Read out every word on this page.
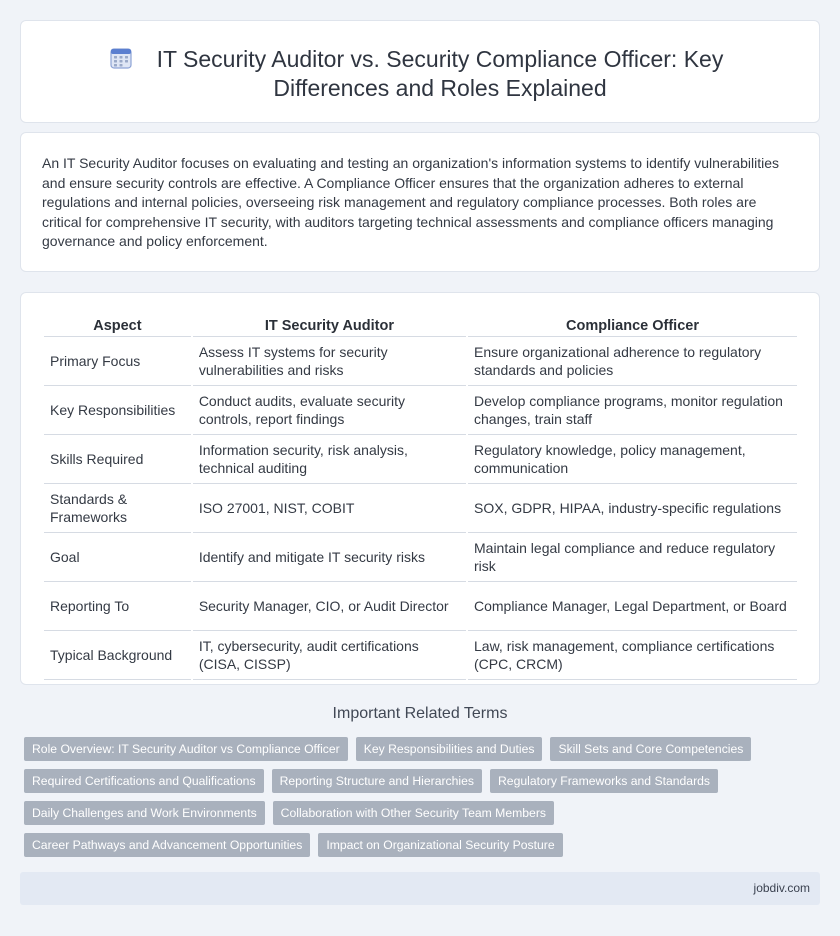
IT Security Auditor vs. Security Compliance Officer: Key Differences and Roles Explained

An IT Security Auditor focuses on evaluating and testing an organization's information systems to identify vulnerabilities and ensure security controls are effective. A Compliance Officer ensures that the organization adheres to external regulations and internal policies, overseeing risk management and regulatory compliance processes. Both roles are critical for comprehensive IT security, with auditors targeting technical assessments and compliance officers managing governance and policy enforcement.

Aspect	IT Security Auditor	Compliance Officer
Primary Focus	Assess IT systems for security vulnerabilities and risks	Ensure organizational adherence to regulatory standards and policies
Key Responsibilities	Conduct audits, evaluate security controls, report findings	Develop compliance programs, monitor regulation changes, train staff
Skills Required	Information security, risk analysis, technical auditing	Regulatory knowledge, policy management, communication
Standards & Frameworks	ISO 27001, NIST, COBIT	SOX, GDPR, HIPAA, industry-specific regulations
Goal	Identify and mitigate IT security risks	Maintain legal compliance and reduce regulatory risk
Reporting To	Security Manager, CIO, or Audit Director	Compliance Manager, Legal Department, or Board
Typical Background	IT, cybersecurity, audit certifications (CISA, CISSP)	Law, risk management, compliance certifications (CPC, CRCM)
Important Related Terms
Role Overview: IT Security Auditor vs Compliance Officer	Key Responsibilities and Duties	Skill Sets and Core Competencies
Required Certifications and Qualifications	Reporting Structure and Hierarchies	Regulatory Frameworks and Standards
Daily Challenges and Work Environments	Collaboration with Other Security Team Members
Career Pathways and Advancement Opportunities	Impact on Organizational Security Posture
jobdiv.com
